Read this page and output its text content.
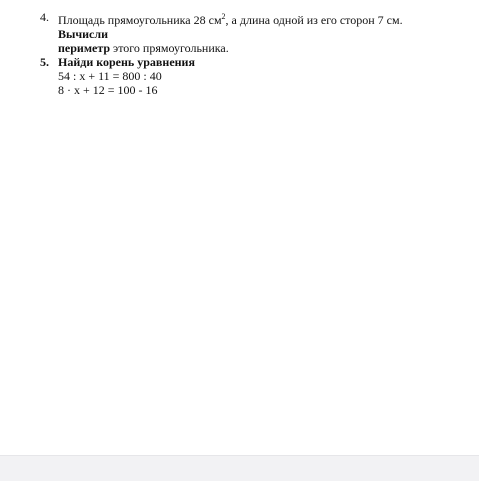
4. Площадь прямоугольника 28 $см^2$, а длина одной из его сторон 7 см. Вычисли
периметр этого прямоугольника.
5. Найди корень уравнения
54 : x + 11 = 800 : 40
8 · x + 12 = 100 - 16
